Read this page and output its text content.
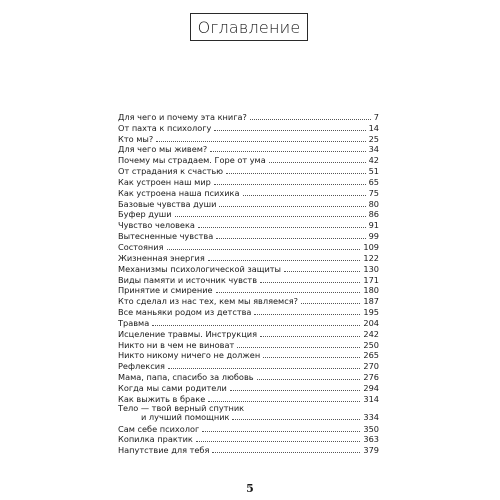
Оглавление
Для чего и почему эта книга?	7
От пахта к психологу	14
Кто мы?	25
Для чего мы живем?	34
Почему мы страдаем. Горе от ума	42
От страдания к счастью	51
Как устроен наш мир	65
Как устроена наша психика	75
Базовые чувства души	80
Буфер души	86
Чувство человека	91
Вытесненные чувства	99
Состояния	109
Жизненная энергия	122
Механизмы психологической защиты	130
Виды памяти и источник чувств	171
Принятие и смирение	180
Кто сделал из нас тех, кем мы являемся?	187
Все маньяки родом из детства	195
Травма	204
Исцеление травмы. Инструкция	242
Никто ни в чем не виноват	250
Никто никому ничего не должен	265
Рефлексия	270
Мама, папа, спасибо за любовь	276
Когда мы сами родители	294
Как выжить в браке	314
Тело — твой верный спутник
и лучший помощник	334
Сам себе психолог	350
Копилка практик	363
Напутствие для тебя	379
5
